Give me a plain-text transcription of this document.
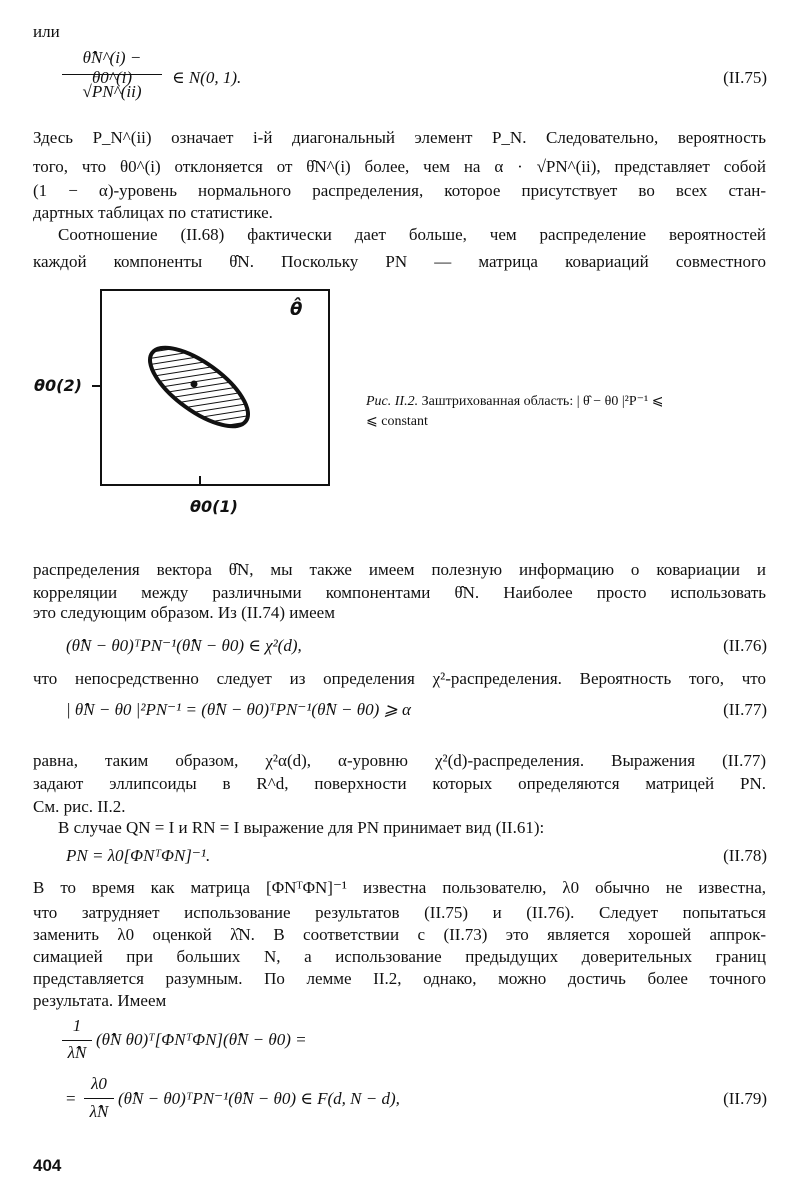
или
θ̂N^(i) − θ0^(i)
√PN^(ii)
∈ N(0, 1).	(II.75)
Здесь P_N^(ii) означает i-й диагональный элемент P_N. Следовательно, вероятность
того, что θ0^(i) отклоняется от θ̂N^(i) более, чем на α · √PN^(ii), представляет собой
(1 − α)-уровень нормального распределения, которое присутствует во всех стан-
дартных таблицах по статистике.
Соотношение (II.68) фактически дает больше, чем распределение вероятностей
каждой компоненты θ̂N. Поскольку PN — матрица ковариаций совместного
θ̂
θ0(2)
θ0(1)
Рис. II.2. Заштрихованная область: | θ̂ − θ0 |²P⁻¹ ⩽
⩽ constant
распределения вектора θ̂N, мы также имеем полезную информацию о ковариации и
корреляции между различными компонентами θ̂N. Наиболее просто использовать
это следующим образом. Из (II.74) имеем
(θ̂N − θ0)ᵀPN⁻¹(θ̂N − θ0) ∈ χ²(d),	(II.76)
что непосредственно следует из определения χ²-распределения. Вероятность того, что
| θ̂N − θ0 |²PN⁻¹ = (θ̂N − θ0)ᵀPN⁻¹(θ̂N − θ0) ⩾ α	(II.77)
равна, таким образом, χ²α(d), α-уровню χ²(d)-распределения. Выражения (II.77)
задают эллипсоиды в R^d, поверхности которых определяются матрицей PN.
См. рис. II.2.
В случае QN = I и RN = I выражение для PN принимает вид (II.61):
PN = λ0[ΦNᵀΦN]⁻¹.	(II.78)
В то время как матрица [ΦNᵀΦN]⁻¹ известна пользователю, λ0 обычно не известна,
что затрудняет использование результатов (II.75) и (II.76). Следует попытаться
заменить λ0 оценкой λ̂N. В соответствии с (II.73) это является хорошей аппрок-
симацией при больших N, а использование предыдущих доверительных границ
представляется разумным. По лемме II.2, однако, можно достичь более точного
результата. Имеем
1
λ̂N
(θ̂N θ0)ᵀ[ΦNᵀΦN](θ̂N − θ0) =
=
λ0
λ̂N
(θ̂N − θ0)ᵀPN⁻¹(θ̂N − θ0) ∈ F(d, N − d),	(II.79)
404
